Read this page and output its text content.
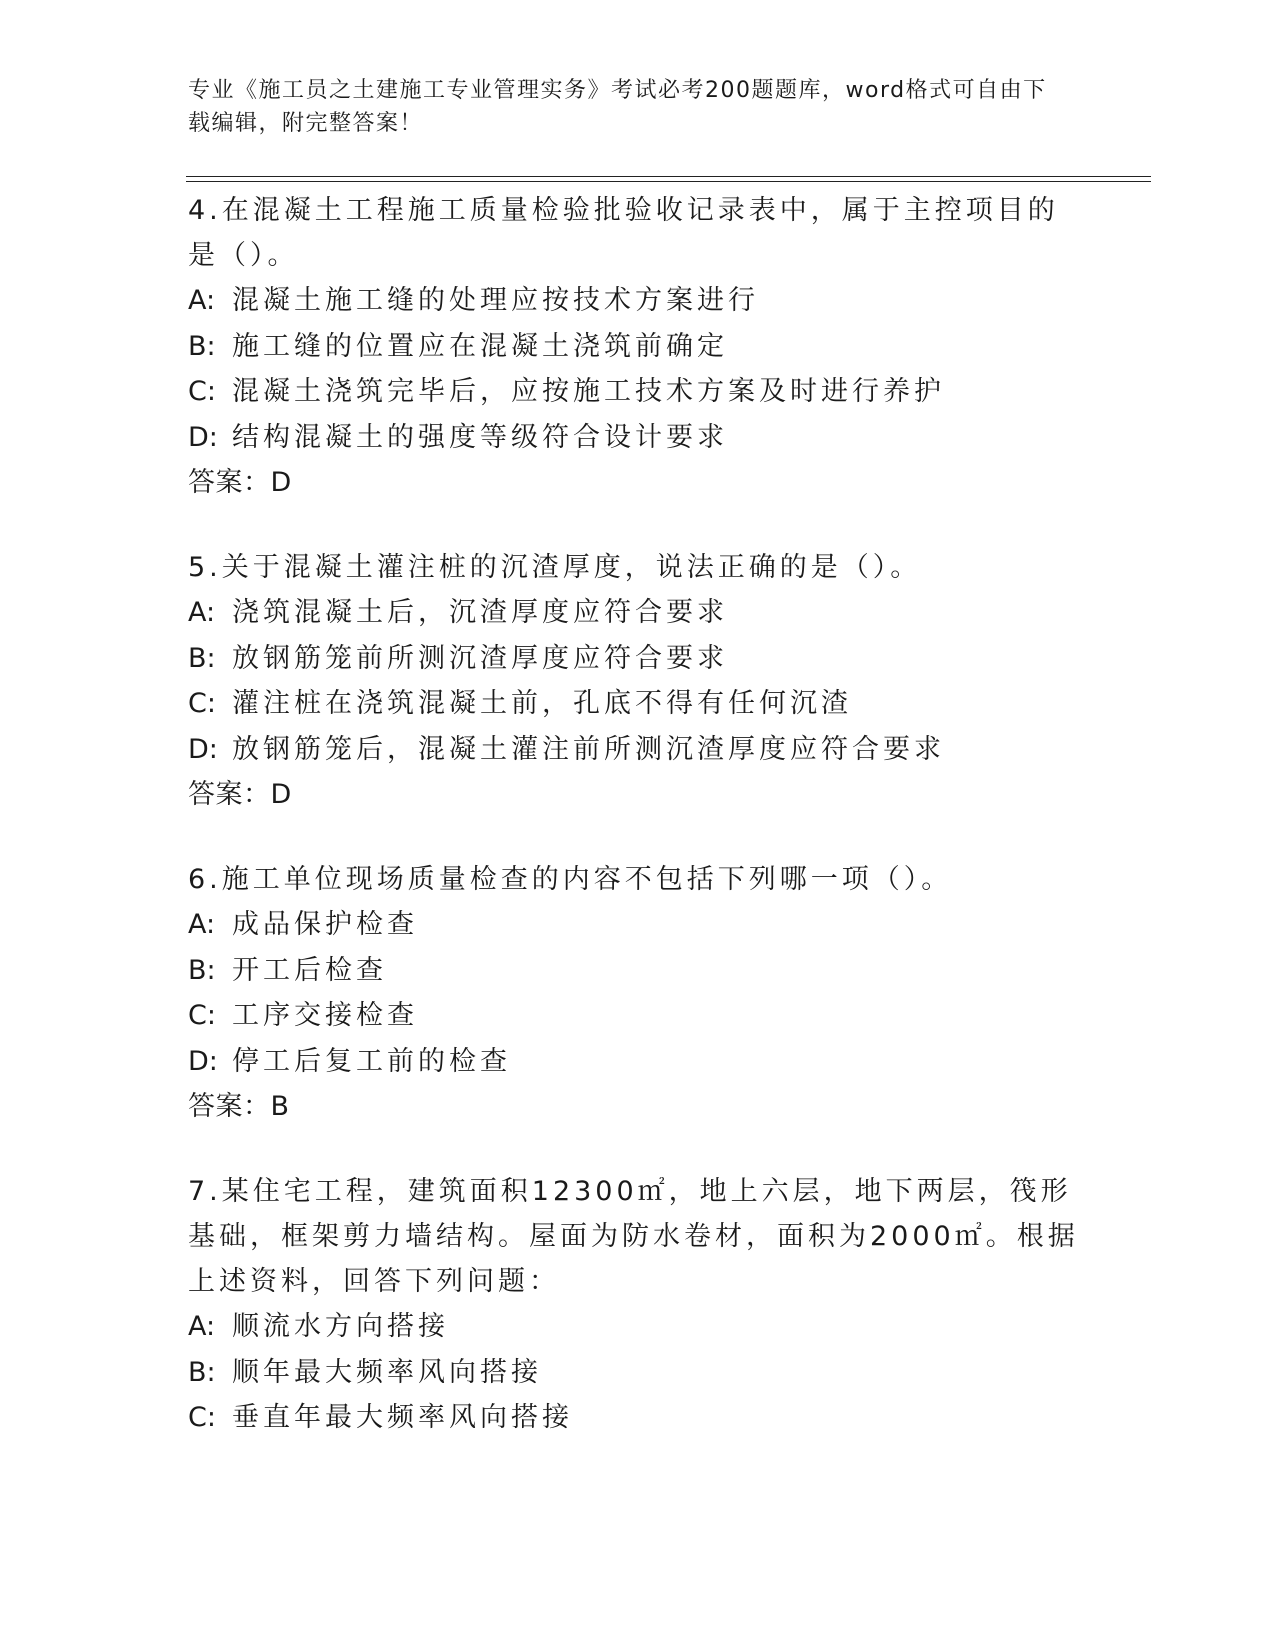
专业《施工员之土建施工专业管理实务》考试必考200题题库，word格式可自由下载编辑，附完整答案！
4.在混凝土工程施工质量检验批验收记录表中，属于主控项目的是（）。
A: 混凝土施工缝的处理应按技术方案进行
B: 施工缝的位置应在混凝土浇筑前确定
C: 混凝土浇筑完毕后，应按施工技术方案及时进行养护
D: 结构混凝土的强度等级符合设计要求
答案：D
5.关于混凝土灌注桩的沉渣厚度，说法正确的是（）。
A: 浇筑混凝土后，沉渣厚度应符合要求
B: 放钢筋笼前所测沉渣厚度应符合要求
C: 灌注桩在浇筑混凝土前，孔底不得有任何沉渣
D: 放钢筋笼后，混凝土灌注前所测沉渣厚度应符合要求
答案：D
6.施工单位现场质量检查的内容不包括下列哪一项（）。
A: 成品保护检查
B: 开工后检查
C: 工序交接检查
D: 停工后复工前的检查
答案：B
7.某住宅工程，建筑面积12300㎡，地上六层，地下两层，筏形基础，框架剪力墙结构。屋面为防水卷材，面积为2000㎡。根据上述资料，回答下列问题：
A: 顺流水方向搭接
B: 顺年最大频率风向搭接
C: 垂直年最大频率风向搭接
